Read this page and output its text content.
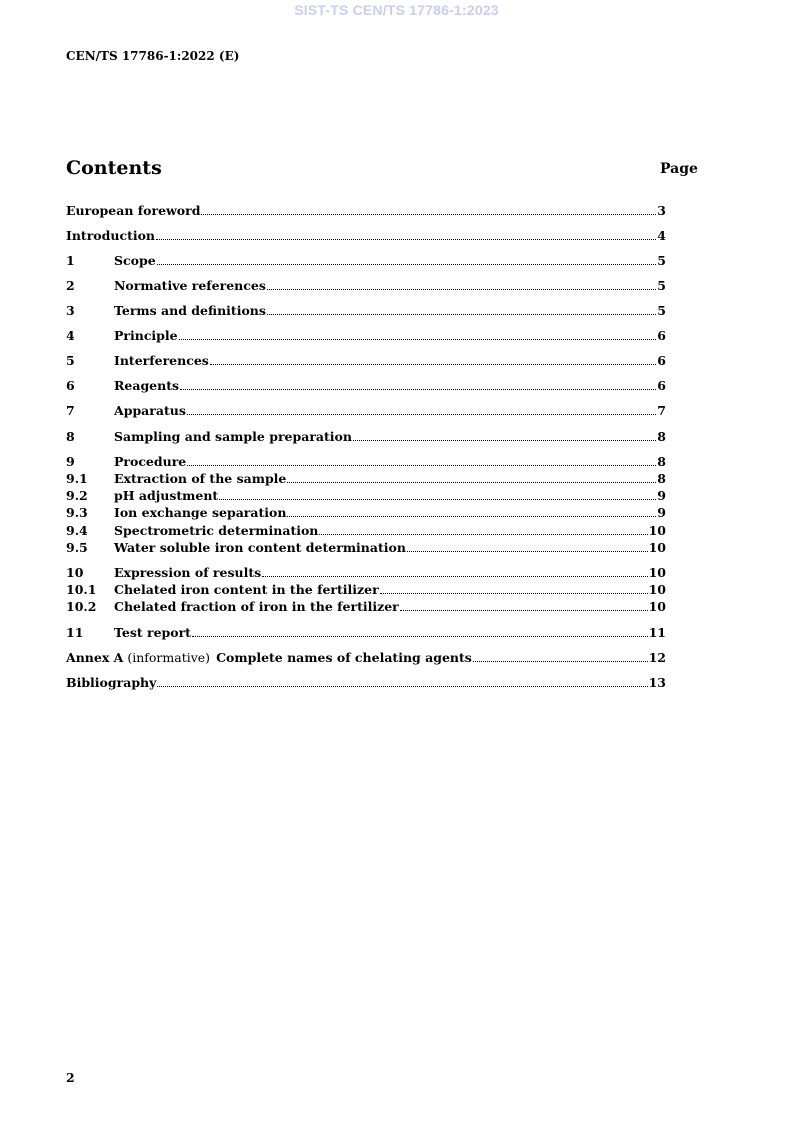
SIST-TS CEN/TS 17786-1:2023
CEN/TS 17786-1:2022 (E)
Contents	Page
European foreword	3
Introduction	4
1	Scope	5
2	Normative references	5
3	Terms and definitions	5
4	Principle	6
5	Interferences	6
6	Reagents	6
7	Apparatus	7
8	Sampling and sample preparation	8
9	Procedure	8
9.1	Extraction of the sample	8
9.2	pH adjustment	9
9.3	Ion exchange separation	9
9.4	Spectrometric determination	10
9.5	Water soluble iron content determination	10
10	Expression of results	10
10.1	Chelated iron content in the fertilizer	10
10.2	Chelated fraction of iron in the fertilizer	10
11	Test report	11
Annex A (informative) Complete names of chelating agents	12
Bibliography	13
2
